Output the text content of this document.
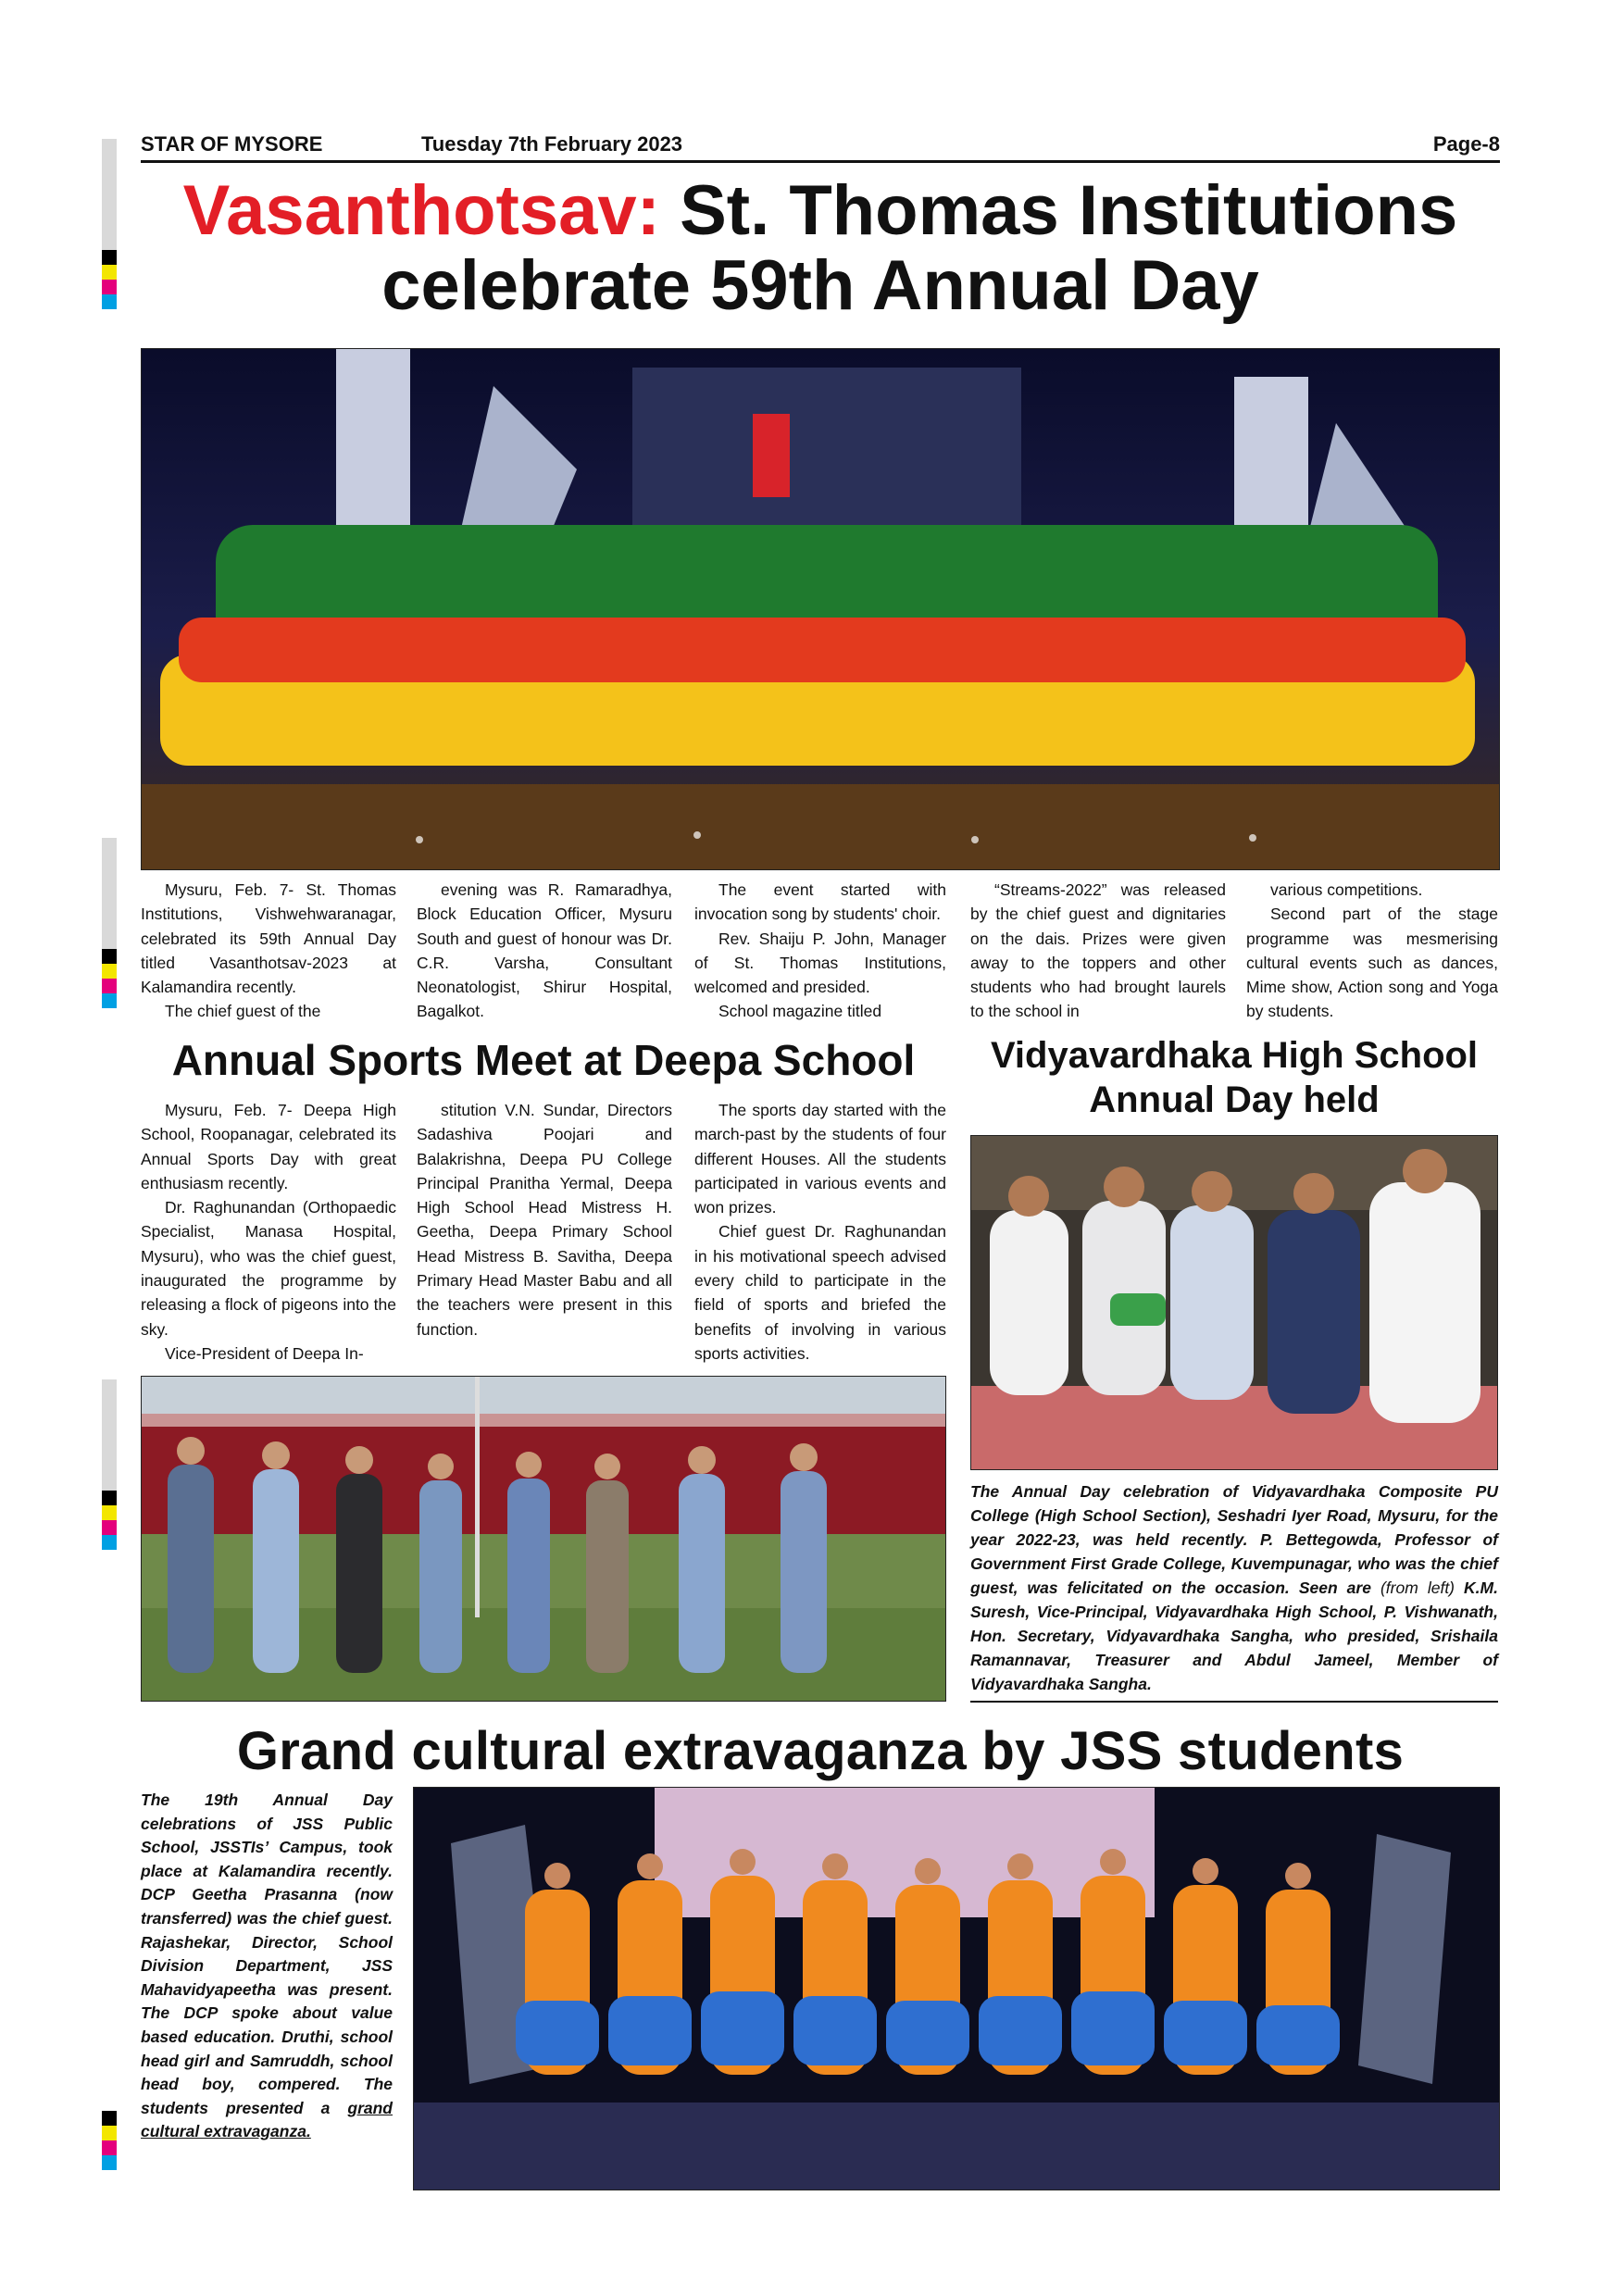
STAR OF MYSORE	Tuesday 7th February 2023	Page-8
Vasanthotsav: St. Thomas Institutions
celebrate 59th Annual Day

Mysuru, Feb. 7- St. Thomas Institutions, Vishwehwaranagar, celebrated its 59th Annual Day titled Vasanthotsav-2023 at Kalamandira recently.

The chief guest of the

evening was R. Ramaradhya, Block Education Officer, Mysuru South and guest of honour was Dr. C.R. Varsha, Consultant Neonatologist, Shirur Hospital, Bagalkot.

The event started with invocation song by students' choir.

Rev. Shaiju P. John, Manager of St. Thomas Institutions, welcomed and presided.

School magazine titled

“Streams-2022” was released by the chief guest and dignitaries on the dais. Prizes were given away to the toppers and other students who had brought laurels to the school in

various competitions.

Second part of the stage programme was mesmerising cultural events such as dances, Mime show, Action song and Yoga by students.

Annual Sports Meet at Deepa School

Mysuru, Feb. 7- Deepa High School, Roopanagar, celebrated its Annual Sports Day with great enthusiasm recently.

Dr. Raghunandan (Orthopaedic Specialist, Manasa Hospital, Mysuru), who was the chief guest, inaugurated the programme by releasing a flock of pigeons into the sky.

Vice-President of Deepa In-

stitution V.N. Sundar, Directors Sadashiva Poojari and Balakrishna, Deepa PU College Principal Pranitha Yermal, Deepa High School Head Mistress H. Geetha, Deepa Primary School Head Mistress B. Savitha, Deepa Primary Head Master Babu and all the teachers were present in this function.

The sports day started with the march-past by the students of four different Houses. All the students participated in various events and won prizes.

Chief guest Dr. Raghunandan in his motivational speech advised every child to participate in the field of sports and briefed the benefits of involving in various sports activities.

Vidyavardhaka High School
Annual Day held
The Annual Day celebration of Vidyavardhaka Composite PU College (High School Section), Seshadri Iyer Road, Mysuru, for the year 2022-23, was held recently. P. Bettegowda, Professor of Government First Grade College, Kuvempunagar, who was the chief guest, was felicitated on the occasion. Seen are (from left) K.M. Suresh, Vice-Principal, Vidyavardhaka High School, P. Vishwanath, Hon. Secretary, Vidyavardhaka Sangha, who presided, Srishaila Ramannavar, Treasurer and Abdul Jameel, Member of Vidyavardhaka Sangha.
Grand cultural extravaganza by JSS students
The 19th Annual Day celebrations of JSS Public School, JSSTIs’ Campus, took place at Kalamandira recently. DCP Geetha Prasanna (now transferred) was the chief guest. Rajashekar, Director, School Division Department, JSS Mahavidyapeetha was present. The DCP spoke about value based education. Druthi, school head girl and Samruddh, school head boy, compered. The students presented a grand cultural extravaganza.
